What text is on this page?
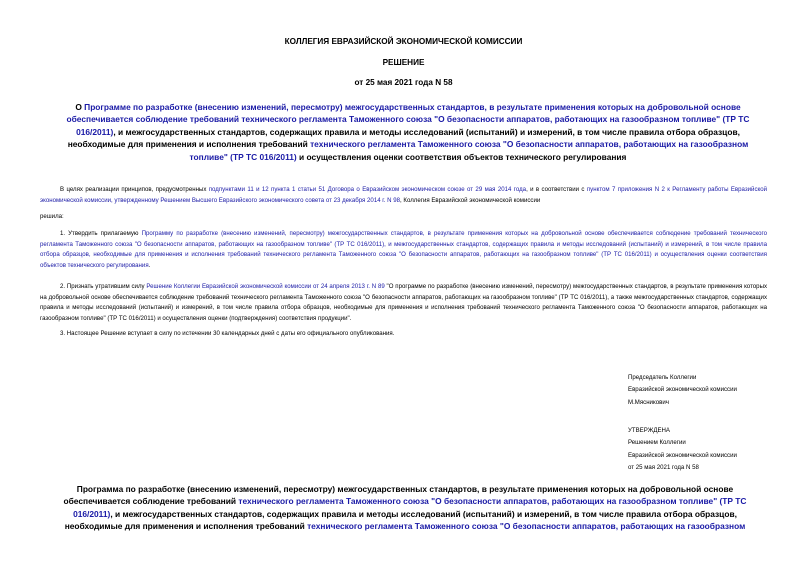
КОЛЛЕГИЯ ЕВРАЗИЙСКОЙ ЭКОНОМИЧЕСКОЙ КОМИССИИ
РЕШЕНИЕ
от 25 мая 2021 года N 58
О Программе по разработке (внесению изменений, пересмотру) межгосударственных стандартов, в результате применения которых на добровольной основе обеспечивается соблюдение требований технического регламента Таможенного союза "О безопасности аппаратов, работающих на газообразном топливе" (ТР ТС 016/2011), и межгосударственных стандартов, содержащих правила и методы исследований (испытаний) и измерений, в том числе правила отбора образцов, необходимые для применения и исполнения требований технического регламента Таможенного союза "О безопасности аппаратов, работающих на газообразном топливе" (ТР ТС 016/2011) и осуществления оценки соответствия объектов технического регулирования
В целях реализации принципов, предусмотренных подпунктами 11 и 12 пункта 1 статьи 51 Договора о Евразийском экономическом союзе от 29 мая 2014 года, и в соответствии с пунктом 7 приложения N 2 к Регламенту работы Евразийской экономической комиссии, утвержденному Решением Высшего Евразийского экономического совета от 23 декабря 2014 г. N 98, Коллегия Евразийской экономической комиссии
решила:
1. Утвердить прилагаемую Программу по разработке (внесению изменений, пересмотру) межгосударственных стандартов, в результате применения которых на добровольной основе обеспечивается соблюдение требований технического регламента Таможенного союза "О безопасности аппаратов, работающих на газообразном топливе" (ТР ТС 016/2011), и межгосударственных стандартов, содержащих правила и методы исследований (испытаний) и измерений, в том числе правила отбора образцов, необходимые для применения и исполнения требований технического регламента Таможенного союза "О безопасности аппаратов, работающих на газообразном топливе" (ТР ТС 016/2011) и осуществления оценки соответствия объектов технического регулирования.
2. Признать утратившим силу Решение Коллегии Евразийской экономической комиссии от 24 апреля 2013 г. N 89 "О программе по разработке (внесению изменений, пересмотру) межгосударственных стандартов, в результате применения которых на добровольной основе обеспечивается соблюдение требований технического регламента Таможенного союза "О безопасности аппаратов, работающих на газообразном топливе" (ТР ТС 016/2011), а также межгосударственных стандартов, содержащих правила и методы исследований (испытаний) и измерений, в том числе правила отбора образцов, необходимые для применения и исполнения требований технического регламента Таможенного союза "О безопасности аппаратов, работающих на газообразном топливе" (ТР ТС 016/2011) и осуществления оценки (подтверждения) соответствия продукции".
3. Настоящее Решение вступает в силу по истечении 30 календарных дней с даты его официального опубликования.
Председатель Коллегии
Евразийской экономической комиссии
М.Мясникович
УТВЕРЖДЕНА
Решением Коллегии
Евразийской экономической комиссии
от 25 мая 2021 года N 58
Программа по разработке (внесению изменений, пересмотру) межгосударственных стандартов, в результате применения которых на добровольной основе обеспечивается соблюдение требований технического регламента Таможенного союза "О безопасности аппаратов, работающих на газообразном топливе" (ТР ТС 016/2011), и межгосударственных стандартов, содержащих правила и методы исследований (испытаний) и измерений, в том числе правила отбора образцов, необходимые для применения и исполнения требований технического регламента Таможенного союза "О безопасности аппаратов, работающих на газообразном
